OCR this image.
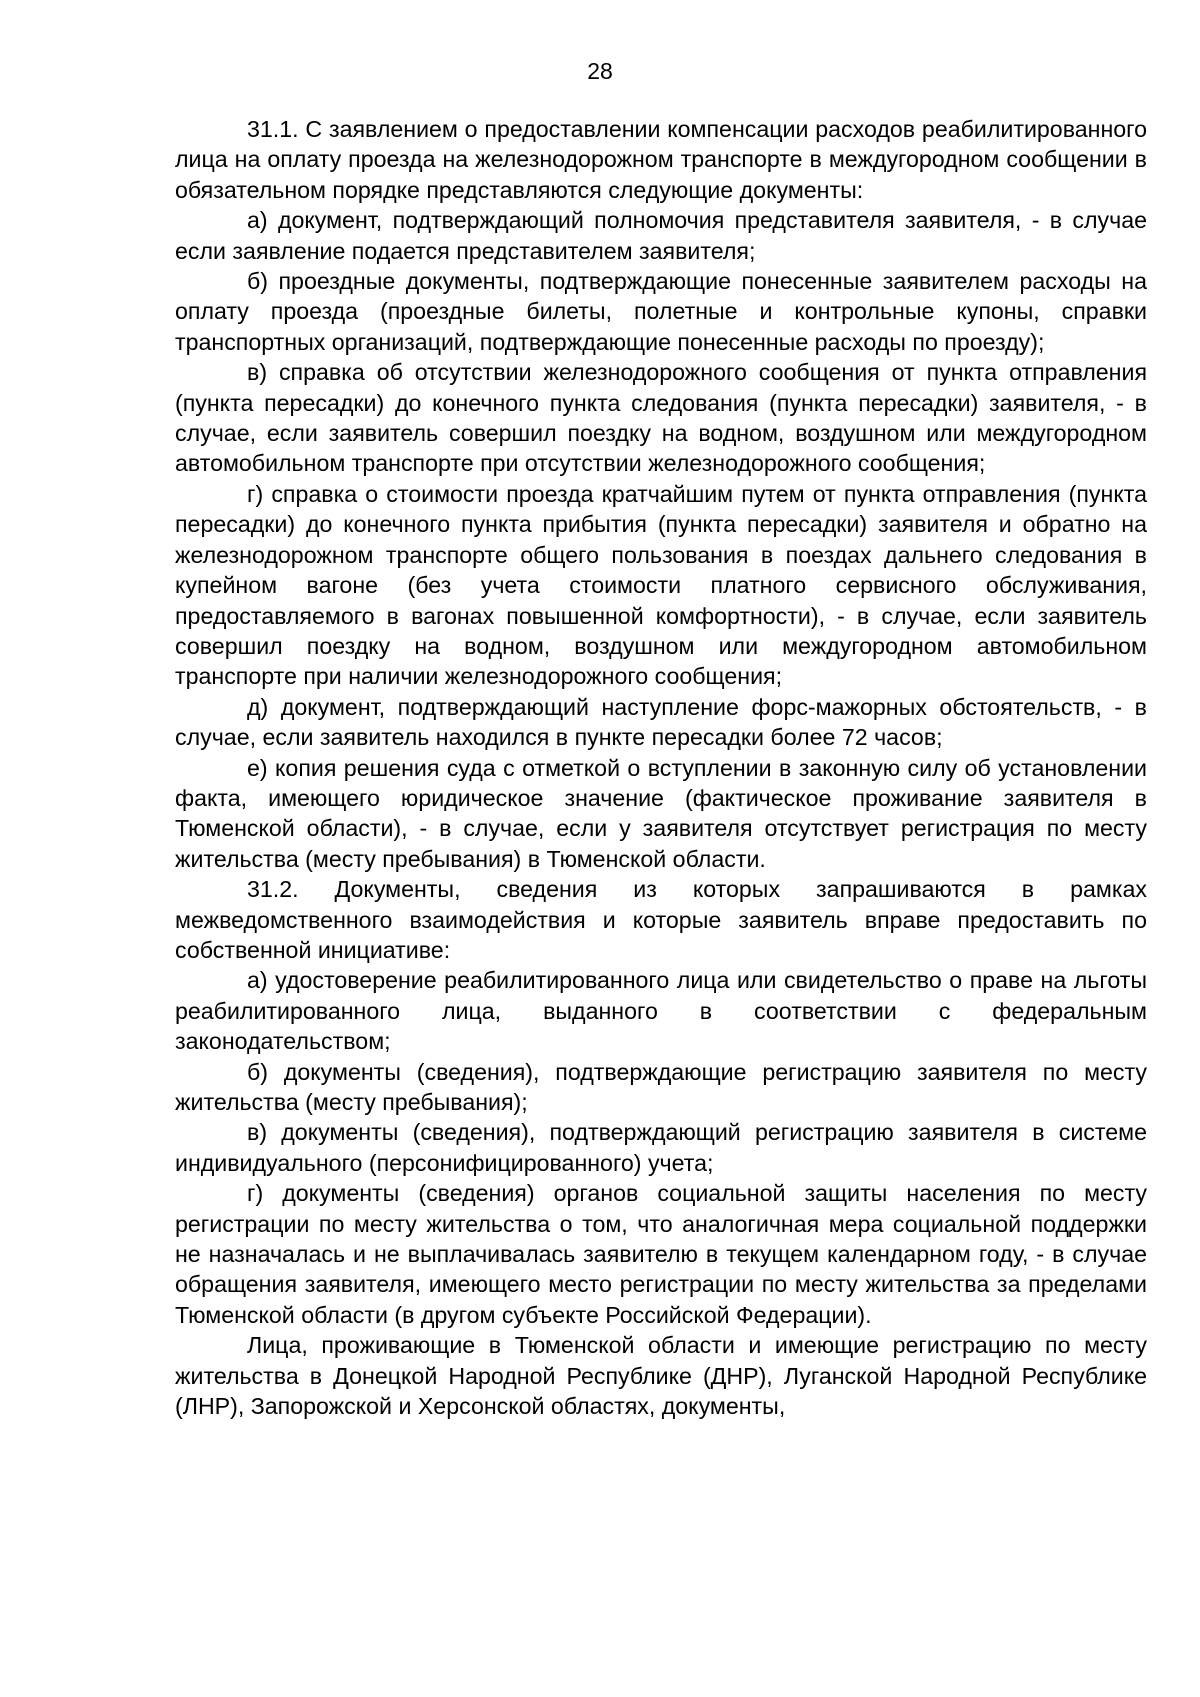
28

31.1. С заявлением о предоставлении компенсации расходов реабилитированного лица на оплату проезда на железнодорожном транспорте в междугородном сообщении в обязательном порядке представляются следующие документы:

а) документ, подтверждающий полномочия представителя заявителя, - в случае если заявление подается представителем заявителя;

б) проездные документы, подтверждающие понесенные заявителем расходы на оплату проезда (проездные билеты, полетные и контрольные купоны, справки транспортных организаций, подтверждающие понесенные расходы по проезду);

в) справка об отсутствии железнодорожного сообщения от пункта отправления (пункта пересадки) до конечного пункта следования (пункта пересадки) заявителя, - в случае, если заявитель совершил поездку на водном, воздушном или междугородном автомобильном транспорте при отсутствии железнодорожного сообщения;

г) справка о стоимости проезда кратчайшим путем от пункта отправления (пункта пересадки) до конечного пункта прибытия (пункта пересадки) заявителя и обратно на железнодорожном транспорте общего пользования в поездах дальнего следования в купейном вагоне (без учета стоимости платного сервисного обслуживания, предоставляемого в вагонах повышенной комфортности), - в случае, если заявитель совершил поездку на водном, воздушном или междугородном автомобильном транспорте при наличии железнодорожного сообщения;

д) документ, подтверждающий наступление форс-мажорных обстоятельств, - в случае, если заявитель находился в пункте пересадки более 72 часов;

е) копия решения суда с отметкой о вступлении в законную силу об установлении факта, имеющего юридическое значение (фактическое проживание заявителя в Тюменской области), - в случае, если у заявителя отсутствует регистрация по месту жительства (месту пребывания) в Тюменской области.

31.2. Документы, сведения из которых запрашиваются в рамках межведомственного взаимодействия и которые заявитель вправе предоставить по собственной инициативе:

а) удостоверение реабилитированного лица или свидетельство о праве на льготы реабилитированного лица, выданного в соответствии с федеральным законодательством;

б) документы (сведения), подтверждающие регистрацию заявителя по месту жительства (месту пребывания);

в) документы (сведения), подтверждающий регистрацию заявителя в системе индивидуального (персонифицированного) учета;

г) документы (сведения) органов социальной защиты населения по месту регистрации по месту жительства о том, что аналогичная мера социальной поддержки не назначалась и не выплачивалась заявителю в текущем календарном году, - в случае обращения заявителя, имеющего место регистрации по месту жительства за пределами Тюменской области (в другом субъекте Российской Федерации).

Лица, проживающие в Тюменской области и имеющие регистрацию по месту жительства в Донецкой Народной Республике (ДНР), Луганской Народной Республике (ЛНР), Запорожской и Херсонской областях, документы,
